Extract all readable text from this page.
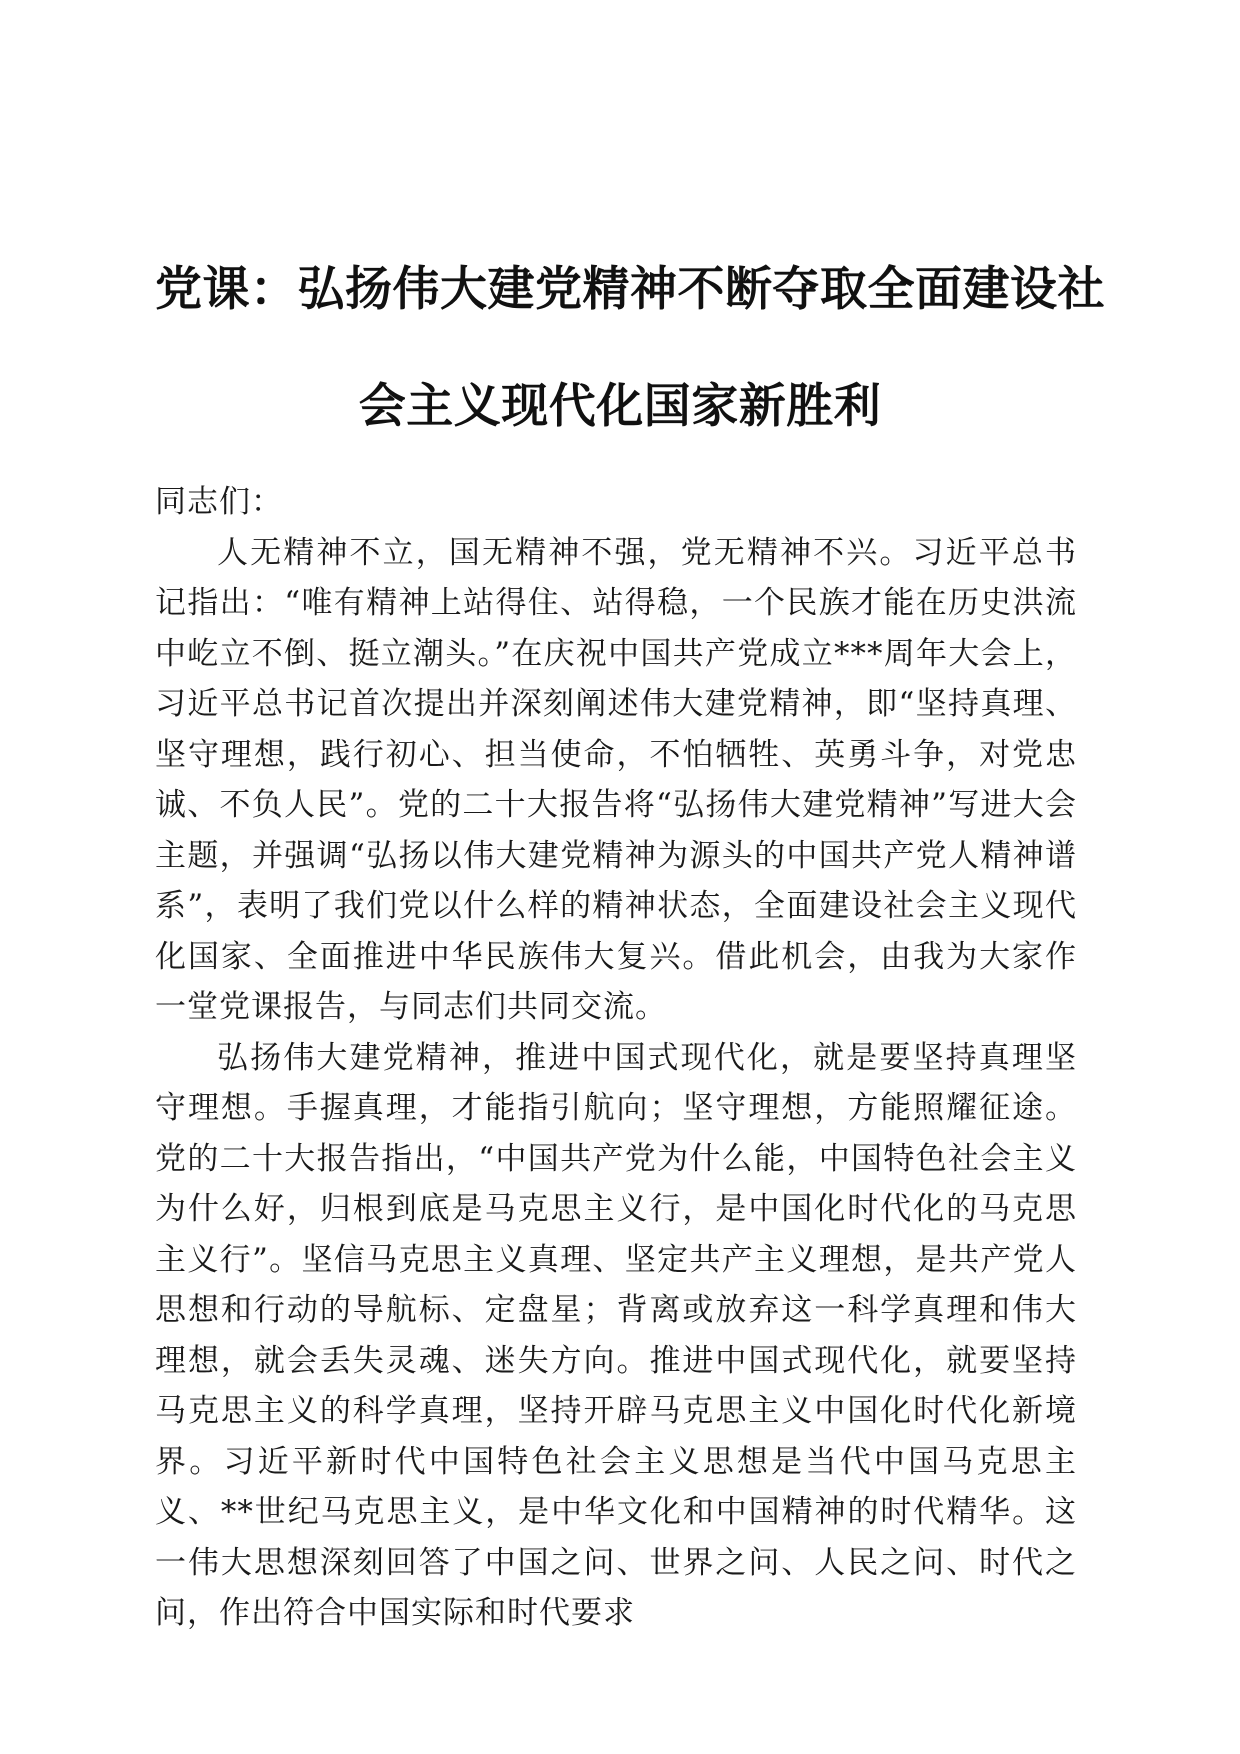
党课：弘扬伟大建党精神不断夺取全面建设社
会主义现代化国家新胜利

同志们：

人无精神不立，国无精神不强，党无精神不兴。习近平总书记指出：“唯有精神上站得住、站得稳，一个民族才能在历史洪流中屹立不倒、挺立潮头。”在庆祝中国共产党成立***周年大会上，习近平总书记首次提出并深刻阐述伟大建党精神，即“坚持真理、坚守理想，践行初心、担当使命，不怕牺牲、英勇斗争，对党忠诚、不负人民”。党的二十大报告将“弘扬伟大建党精神”写进大会主题，并强调“弘扬以伟大建党精神为源头的中国共产党人精神谱系”，表明了我们党以什么样的精神状态，全面建设社会主义现代化国家、全面推进中华民族伟大复兴。借此机会，由我为大家作一堂党课报告，与同志们共同交流。

弘扬伟大建党精神，推进中国式现代化，就是要坚持真理坚守理想。手握真理，才能指引航向；坚守理想，方能照耀征途。党的二十大报告指出，“中国共产党为什么能，中国特色社会主义为什么好，归根到底是马克思主义行，是中国化时代化的马克思主义行”。坚信马克思主义真理、坚定共产主义理想，是共产党人思想和行动的导航标、定盘星；背离或放弃这一科学真理和伟大理想，就会丢失灵魂、迷失方向。推进中国式现代化，就要坚持马克思主义的科学真理，坚持开辟马克思主义中国化时代化新境界。习近平新时代中国特色社会主义思想是当代中国马克思主义、**世纪马克思主义，是中华文化和中国精神的时代精华。这一伟大思想深刻回答了中国之问、世界之问、人民之问、时代之问，作出符合中国实际和时代要求
